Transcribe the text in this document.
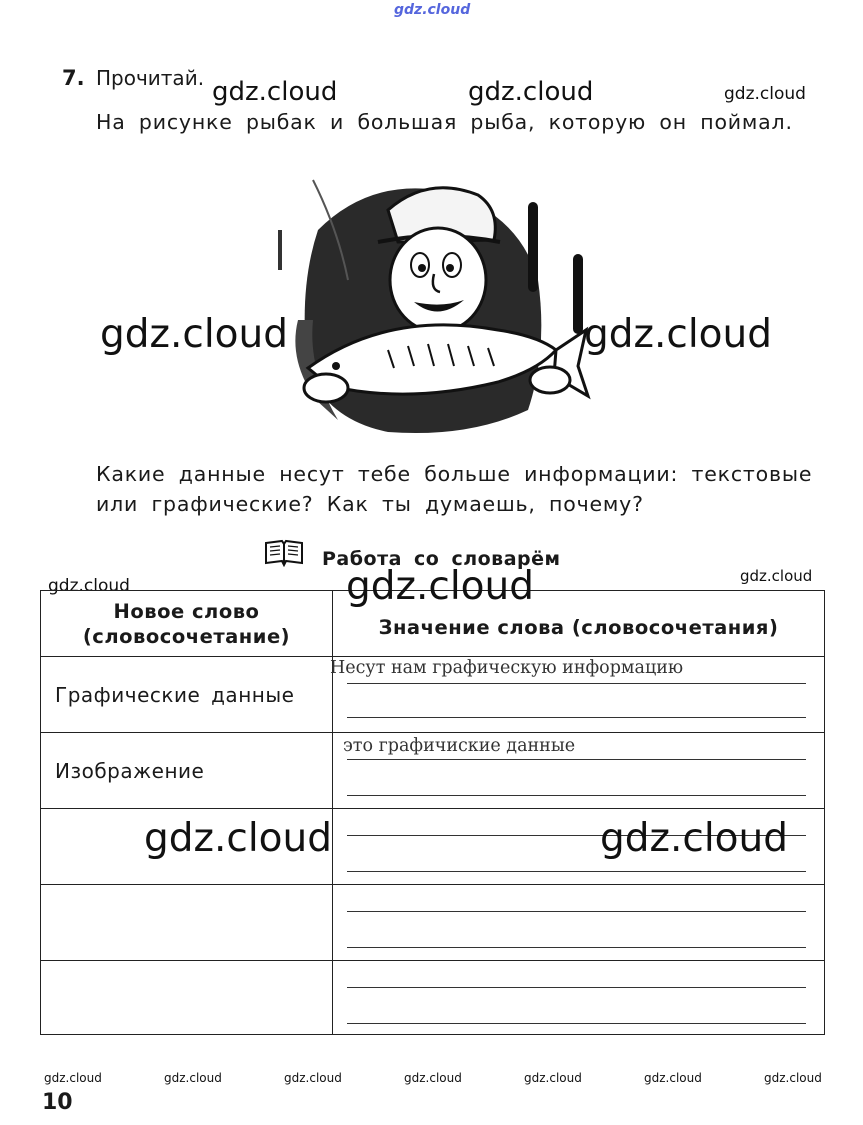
gdz.cloud
7. Прочитай. gdz.cloud	gdz.cloud	gdz.cloud
На рисунке рыбак и большая рыба, которую он поймал.
gdz.cloud	gdz.cloud
Какие данные несут тебе больше информации: текстовые
или графические? Как ты думаешь, почему?
Работа со словарём
gdz.cloud	gdz.cloud
Новое слово
(словосочетание)	Значение слова (словосочетания)

Графические данные	Несут нам графическую информацию

Изображение	это графичиские данные

gdz.cloud
gdz.cloud	gdz.cloud
gdz.cloud	gdz.cloud	gdz.cloud	gdz.cloud	gdz.cloud	gdz.cloud	gdz.cloud
10
